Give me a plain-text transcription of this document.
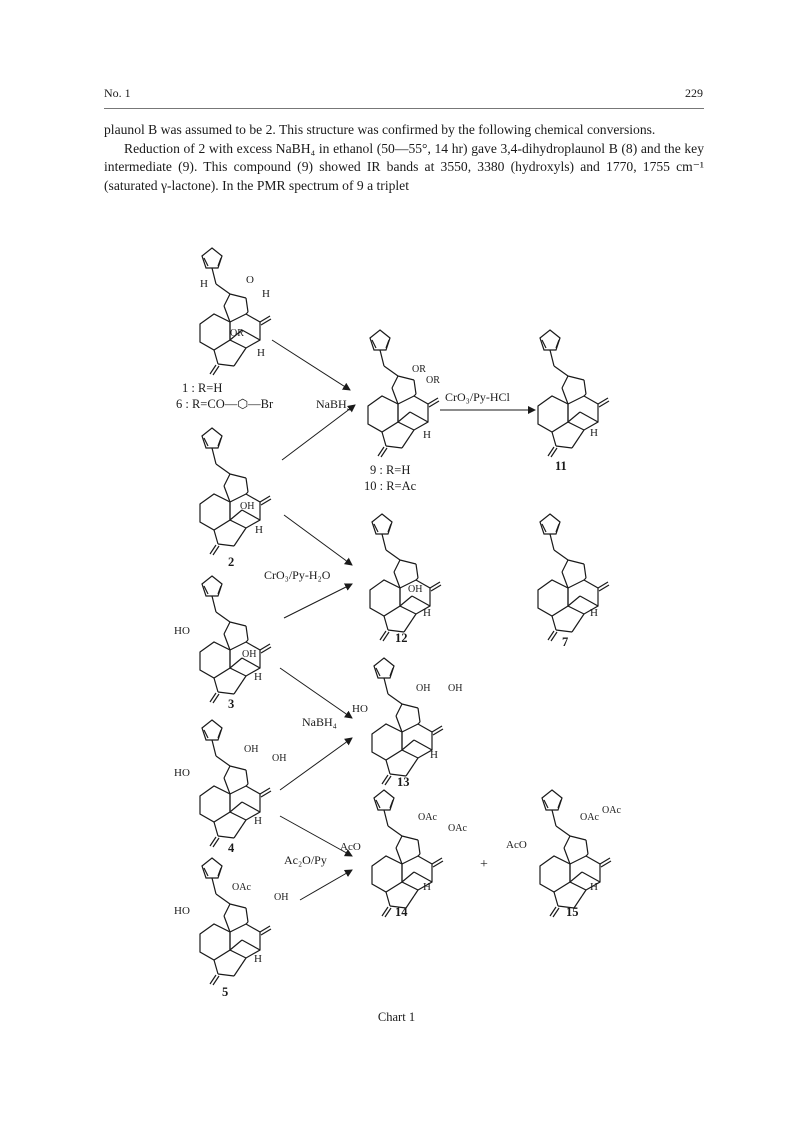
No. 1	229

plaunol B was assumed to be 2. This structure was confirmed by the following chemical conversions.

Reduction of 2 with excess NaBH₄ in ethanol (50—55°, 14 hr) gave 3,4-dihydroplaunol B (8) and the key intermediate (9). This compound (9) showed IR bands at 3550, 3380 (hydroxyls) and 1770, 1755 cm⁻¹ (saturated γ-lactone). In the PMR spectrum of 9 a triplet

H	O
H
OR
H
1 : R=H
6 : R=CO—⬡—Br
OH
H
2
HO
OH
H
3
OH
OH
HO
H
4
OAc
OH
HO
H
5
OR
OR
H
9 : R=H
10 : R=Ac
H
11
OH
H
12
H
7
OH OH
HO
H
13
OAc
OAc
AcO
H
14
+
OAc
OAc
AcO
H
15
NaBH₄	CrO₃/Py-HCl
CrO₃/Py-H₂O
NaBH₄
Ac₂O/Py
Chart 1
